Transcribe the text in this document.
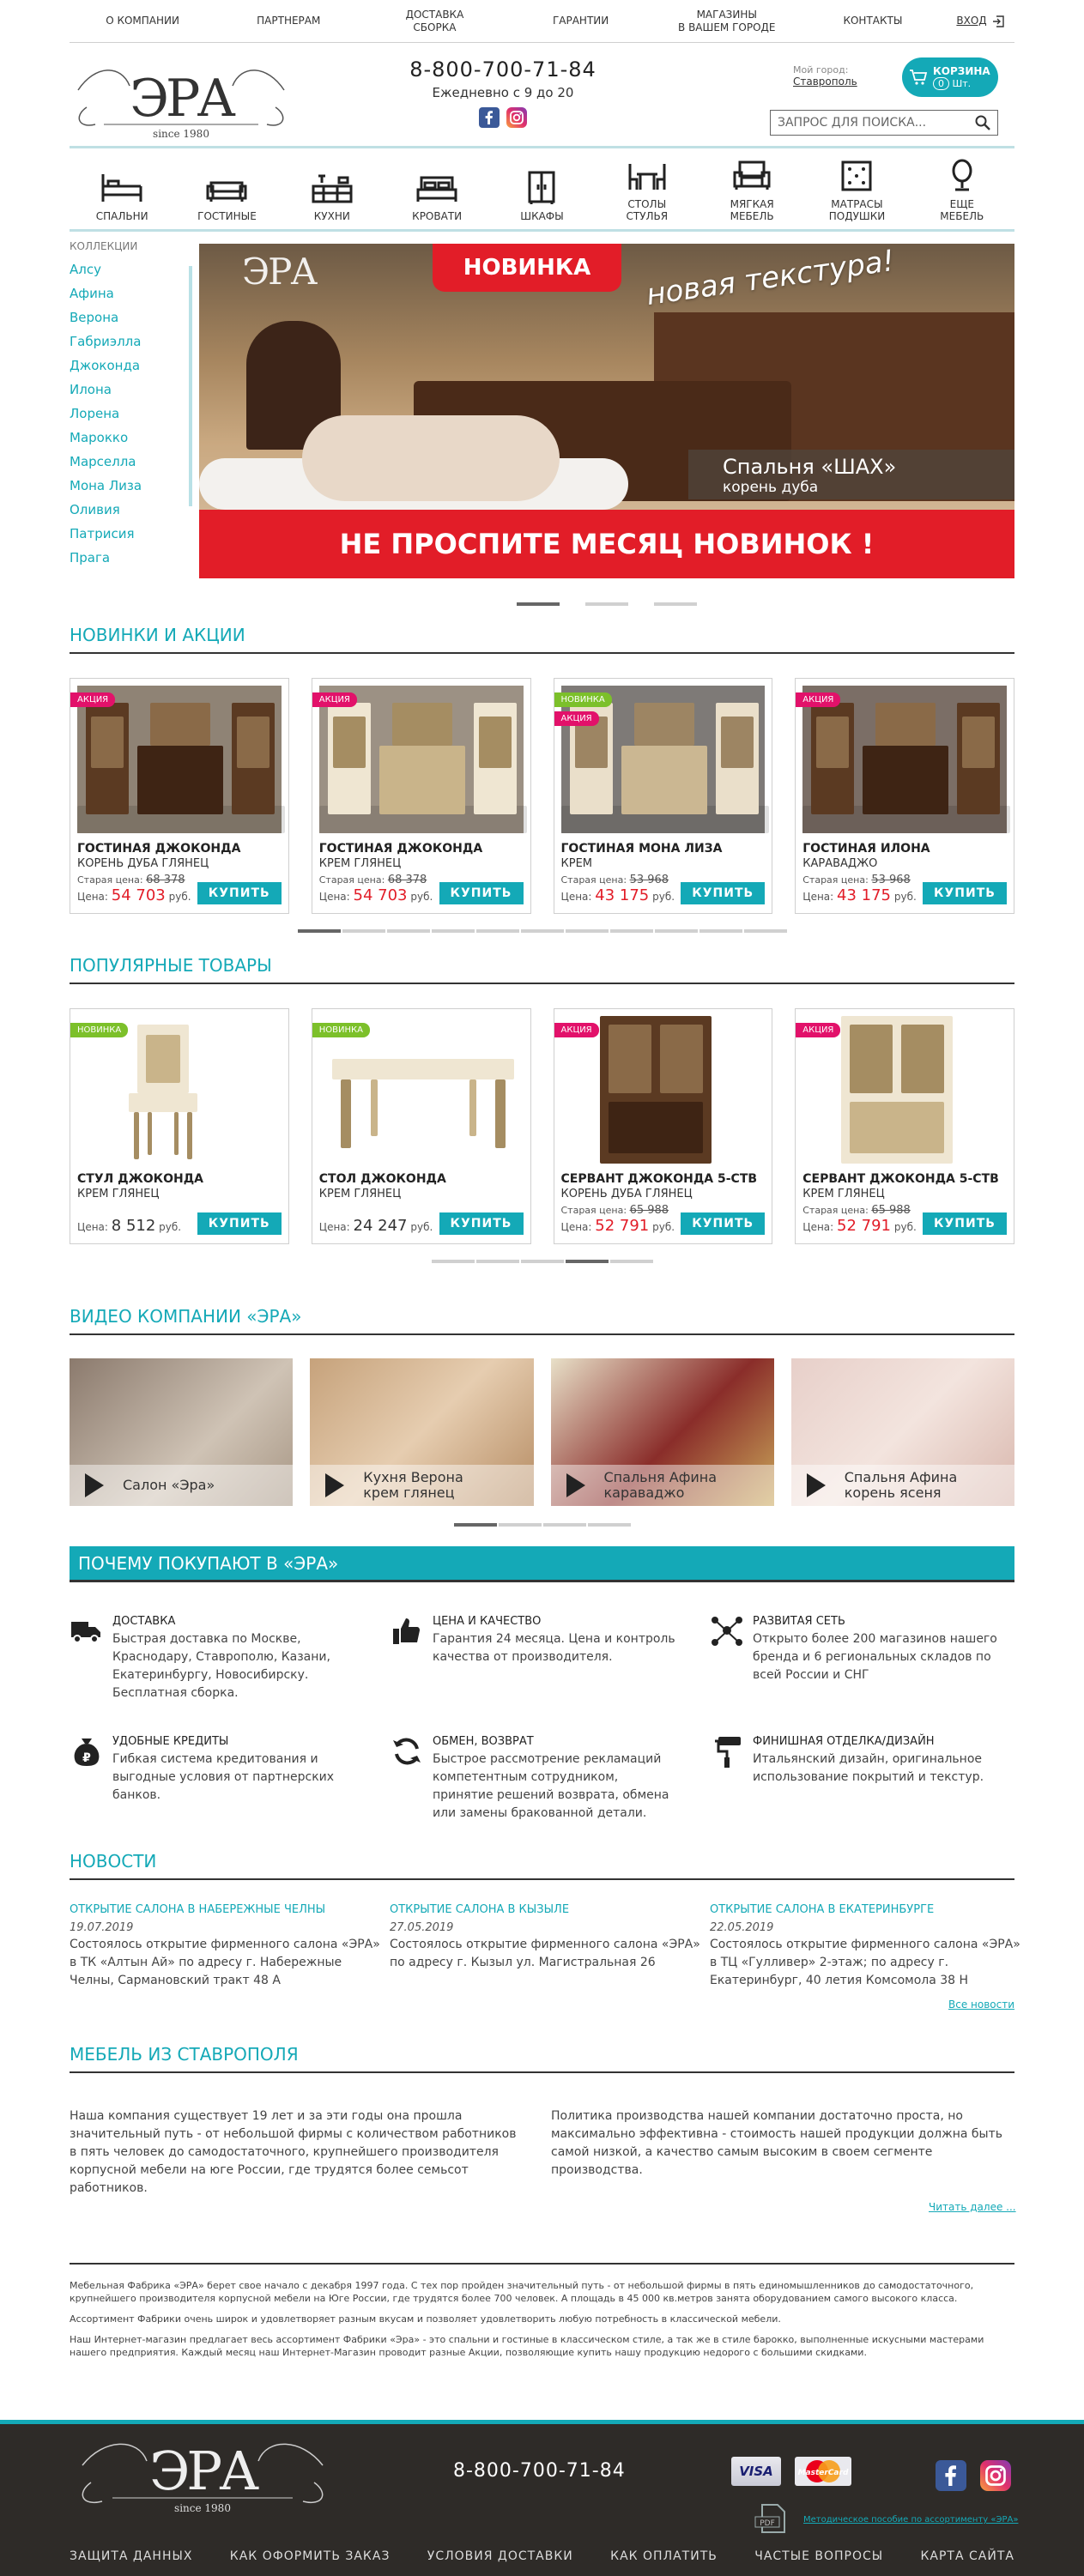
О КОМПАНИИ	ПАРТНЕРАМ
ДОСТАВКА
СБОРКА
ГАРАНТИИ
МАГАЗИНЫ
В ВАШЕМ ГОРОДЕ
КОНТАКТЫ	ВХОД
ЭРА
since 1980
8-800-700-71-84
Ежедневно с 9 до 20
Мой город:
Ставрополь
КОРЗИНА
0 Шт.
ЗАПРОС ДЛЯ ПОИСКА...
СПАЛЬНИ	ГОСТИНЫЕ	КУХНИ	КРОВАТИ	ШКАФЫ
СТОЛЫ
СТУЛЬЯ
МЯГКАЯ
МЕБЕЛЬ
МАТРАСЫ
ПОДУШКИ
ЕЩЕ
МЕБЕЛЬ
КОЛЛЕКЦИИ
Алсу
Афина
Верона
Габриэлла
Джоконда
Илона
Лорена
Марокко
Марселла
Мона Лиза
Оливия
Патрисия
Прага
ЭРА	НОВИНКА	новая текстура!
Спальня «ШАХ»
корень дуба
НЕ ПРОСПИТЕ МЕСЯЦ НОВИНОК !
НОВИНКИ И АКЦИИ
АКЦИЯ
ГОСТИНАЯ ДЖОКОНДА
КОРЕНЬ ДУБА ГЛЯНЕЦ
Старая цена: 68 378
Цена: 54 703 руб.	КУПИТЬ
АКЦИЯ
ГОСТИНАЯ ДЖОКОНДА
КРЕМ ГЛЯНЕЦ
Старая цена: 68 378
Цена: 54 703 руб.	КУПИТЬ
НОВИНКА
АКЦИЯ
ГОСТИНАЯ МОНА ЛИЗА
КРЕМ
Старая цена: 53 968
Цена: 43 175 руб.	КУПИТЬ
АКЦИЯ
ГОСТИНАЯ ИЛОНА
КАРАВАДЖО
Старая цена: 53 968
Цена: 43 175 руб.	КУПИТЬ
ПОПУЛЯРНЫЕ ТОВАРЫ
НОВИНКА
СТУЛ ДЖОКОНДА
КРЕМ ГЛЯНЕЦ
Цена: 8 512 руб.	КУПИТЬ
НОВИНКА
СТОЛ ДЖОКОНДА
КРЕМ ГЛЯНЕЦ
Цена: 24 247 руб.	КУПИТЬ
АКЦИЯ
СЕРВАНТ ДЖОКОНДА 5-СТВ
КОРЕНЬ ДУБА ГЛЯНЕЦ
Старая цена: 65 988
Цена: 52 791 руб.	КУПИТЬ
АКЦИЯ
СЕРВАНТ ДЖОКОНДА 5-СТВ
КРЕМ ГЛЯНЕЦ
Старая цена: 65 988
Цена: 52 791 руб.	КУПИТЬ
ВИДЕО КОМПАНИИ «ЭРА»
Салон «Эра»	Кухня Верона
крем глянец
Спальня Афина
караваджо
Спальня Афина
корень ясеня
ПОЧЕМУ ПОКУПАЮТ В «ЭРА»
ДОСТАВКА
Быстрая доставка по Москве, Краснодару, Ставрополю, Казани, Екатеринбургу, Новосибирску. Бесплатная сборка.
ЦЕНА И КАЧЕСТВО
Гарантия 24 месяца. Цена и контроль качества от производителя.
РАЗВИТАЯ СЕТЬ
Открыто более 200 магазинов нашего бренда и 6 региональных складов по всей России и СНГ
₽
УДОБНЫЕ КРЕДИТЫ
Гибкая система кредитования и выгодные условия от партнерских банков.
ОБМЕН, ВОЗВРАТ
Быстрое рассмотрение рекламаций компетентным сотрудником, принятие решений возврата, обмена или замены бракованной детали.
ФИНИШНАЯ ОТДЕЛКА/ДИЗАЙН
Итальянский дизайн, оригинальное использование покрытий и текстур.
НОВОСТИ
ОТКРЫТИЕ САЛОНА В НАБЕРЕЖНЫЕ ЧЕЛНЫ
19.07.2019
Состоялось открытие фирменного салона «ЭРА» в ТК «Алтын Ай» по адресу г. Набережные Челны, Сармановский тракт 48 А
ОТКРЫТИЕ САЛОНА В КЫЗЫЛЕ
27.05.2019
Состоялось открытие фирменного салона «ЭРА» по адресу г. Кызыл ул. Магистральная 26
ОТКРЫТИЕ САЛОНА В ЕКАТЕРИНБУРГЕ
22.05.2019
Состоялось открытие фирменного салона «ЭРА» в ТЦ «Гулливер» 2-этаж; по адресу г. Екатеринбург, 40 летия Комсомола 38 Н
Все новости
МЕБЕЛЬ ИЗ СТАВРОПОЛЯ
Наша компания существует 19 лет и за эти годы она прошла значительный путь - от небольшой фирмы с количеством работников в пять человек до самодостаточного, крупнейшего производителя корпусной мебели на юге России, где трудятся более семьсот работников.
Политика производства нашей компании достаточно проста, но максимально эффективна - стоимость нашей продукции должна быть самой низкой, а качество самым высоким в своем сегменте производства.
Читать далее ...

Мебельная Фабрика «ЭРА» берет свое начало с декабря 1997 года. С тех пор пройден значительный путь - от небольшой фирмы в пять единомышленников до самодостаточного, крупнейшего производителя корпусной мебели на Юге России, где трудятся более 700 человек. А площадь в 45 000 кв.метров занята оборудованием самого высокого класса.

Ассортимент Фабрики очень широк и удовлетворяет разным вкусам и позволяет удовлетворить любую потребность в классической мебели.

Наш Интернет-магазин предлагает весь ассортимент Фабрики «Эра» - это спальни и гостиные в классическом стиле, а так же в стиле барокко, выполненные искусными мастерами нашего предприятия. Каждый месяц наш Интернет-Магазин проводит разные Акции, позволяющие купить нашу продукцию недорого с большими скидками.

ЭРА
since 1980
8-800-700-71-84	VISA	MasterCard
PDF	Методическое пособие по ассортименту «ЭРА»
ЗАЩИТА ДАННЫХ	КАК ОФОРМИТЬ ЗАКАЗ	УСЛОВИЯ ДОСТАВКИ	КАК ОПЛАТИТЬ	ЧАСТЫЕ ВОПРОСЫ	КАРТА САЙТА
